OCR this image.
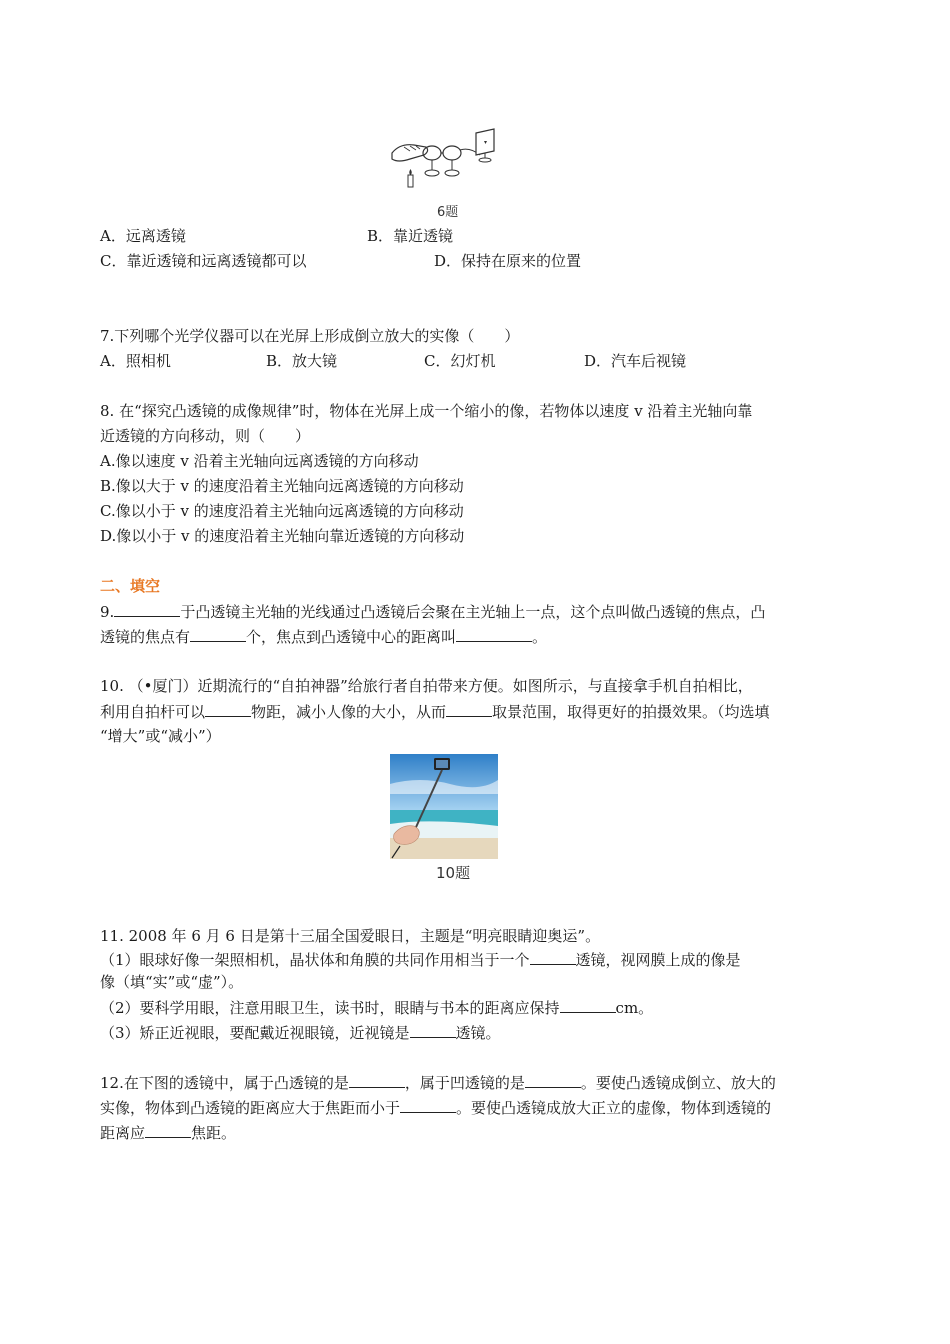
6题
A．远离透镜	B．靠近透镜
C．靠近透镜和远离透镜都可以	D．保持在原来的位置
7.下列哪个光学仪器可以在光屏上形成倒立放大的实像（　　）
A．照相机	B．放大镜	C．幻灯机	D．汽车后视镜
8. 在“探究凸透镜的成像规律”时，物体在光屏上成一个缩小的像，若物体以速度 v 沿着主光轴向靠
近透镜的方向移动，则（　　）
A.像以速度 v 沿着主光轴向远离透镜的方向移动
B.像以大于 v 的速度沿着主光轴向远离透镜的方向移动
C.像以小于 v 的速度沿着主光轴向远离透镜的方向移动
D.像以小于 v 的速度沿着主光轴向靠近透镜的方向移动
二、填空
9.	于凸透镜主光轴的光线通过凸透镜后会聚在主光轴上一点，这个点叫做凸透镜的焦点，凸
透镜的焦点有	个，焦点到凸透镜中心的距离叫	。
10. （•厦门）近期流行的“自拍神器”给旅行者自拍带来方便。如图所示，与直接拿手机自拍相比，
利用自拍杆可以	物距，减小人像的大小，从而	取景范围，取得更好的拍摄效果。（均选填
“增大”或“减小”）
10题
11. 2008 年 6 月 6 日是第十三届全国爱眼日，主题是“明亮眼睛迎奥运”。
（1）眼球好像一架照相机，晶状体和角膜的共同作用相当于一个	透镜，视网膜上成的像是
像（填“实”或“虚”）。
（2）要科学用眼，注意用眼卫生，读书时，眼睛与书本的距离应保持	cm。
（3）矫正近视眼，要配戴近视眼镜，近视镜是	透镜。
12.在下图的透镜中，属于凸透镜的是	，属于凹透镜的是	。要使凸透镜成倒立、放大的
实像，物体到凸透镜的距离应大于焦距而小于	。要使凸透镜成放大正立的虚像，物体到透镜的
距离应	焦距。
